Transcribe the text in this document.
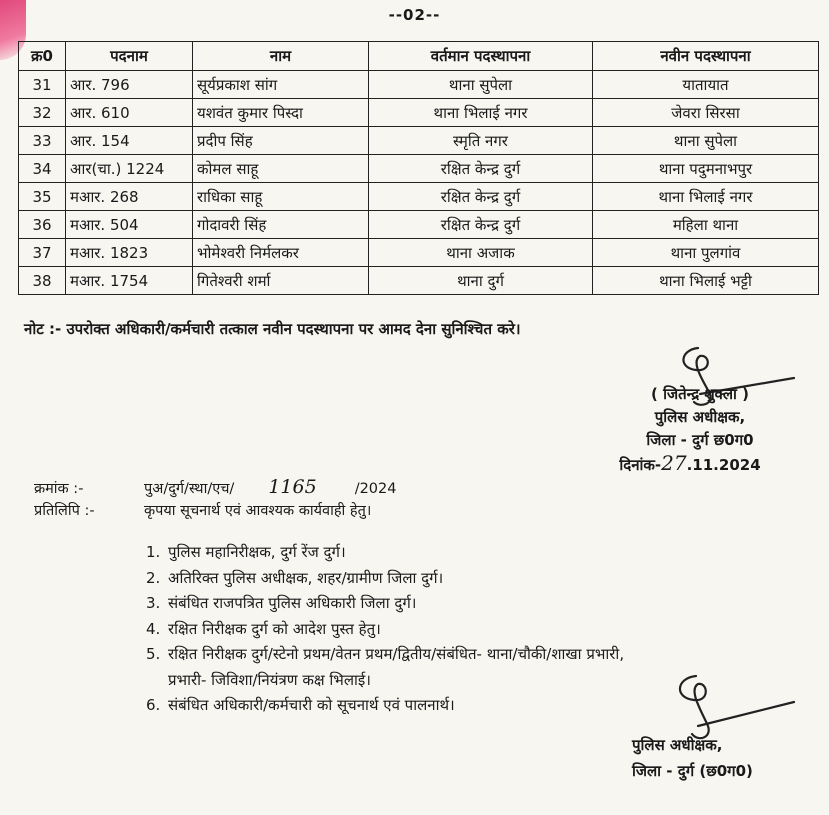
--02--
क्र0	पदनाम	नाम	वर्तमान पदस्थापना	नवीन पदस्थापना
31	आर. 796	सूर्यप्रकाश सांग	थाना सुपेला	यातायात
32	आर. 610	यशवंत कुमार पिस्दा	थाना भिलाई नगर	जेवरा सिरसा
33	आर. 154	प्रदीप सिंह	स्मृति नगर	थाना सुपेला
34	आर(चा.) 1224	कोमल साहू	रक्षित केन्द्र दुर्ग	थाना पदुमनाभपुर
35	मआर. 268	राधिका साहू	रक्षित केन्द्र दुर्ग	थाना भिलाई नगर
36	मआर. 504	गोदावरी सिंह	रक्षित केन्द्र दुर्ग	महिला थाना
37	मआर. 1823	भोमेश्वरी निर्मलकर	थाना अजाक	थाना पुलगांव
38	मआर. 1754	गितेश्वरी शर्मा	थाना दुर्ग	थाना भिलाई भट्टी
नोट :- उपरोक्त अधिकारी/कर्मचारी तत्काल नवीन पदस्थापना पर आमद देना सुनिश्चित करे।
( जितेन्द्र शुक्ला )
पुलिस अधीक्षक,
जिला - दुर्ग छ0ग0
दिनांक-27.11.2024
क्रमांक :-	पुअ/दुर्ग/स्था/एच/ 1165	/2024
प्रतिलिपि :-	कृपया सूचनार्थ एवं आवश्यक कार्यवाही हेतु।
1. पुलिस महानिरीक्षक, दुर्ग रेंज दुर्ग।
2. अतिरिक्त पुलिस अधीक्षक, शहर/ग्रामीण जिला दुर्ग।
3. संबंधित राजपत्रित पुलिस अधिकारी जिला दुर्ग।
4. रक्षित निरीक्षक दुर्ग को आदेश पुस्त हेतु।
5. रक्षित निरीक्षक दुर्ग/स्टेनो प्रथम/वेतन प्रथम/द्वितीय/संबंधित- थाना/चौकी/शाखा प्रभारी,
प्रभारी- जिविशा/नियंत्रण कक्ष भिलाई।
6. संबंधित अधिकारी/कर्मचारी को सूचनार्थ एवं पालनार्थ।
पुलिस अधीक्षक,
जिला - दुर्ग (छ0ग0)
